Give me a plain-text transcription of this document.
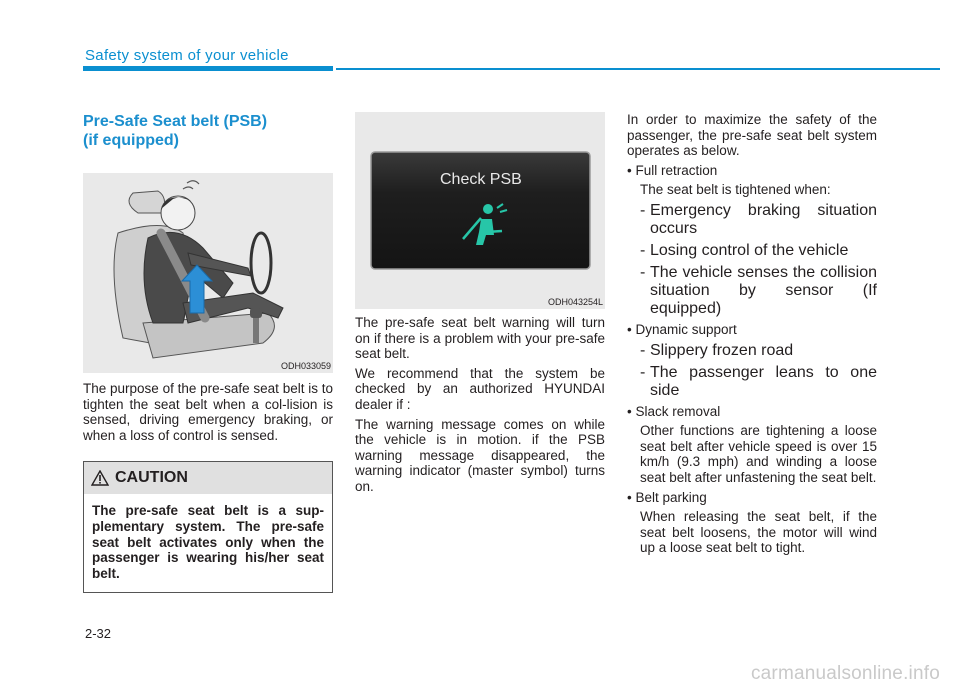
Safety system of your vehicle
Pre-Safe Seat belt (PSB)
(if equipped)
ODH033059

The purpose of the pre-safe seat belt is to tighten the seat belt when a col-lision is sensed, driving emergency braking, or when a loss of control is sensed.

CAUTION
The pre-safe seat belt is a sup-plementary system. The pre-safe seat belt activates only when the passenger is wearing his/her seat belt.
Check PSB
ODH043254L

The pre-safe seat belt warning will turn on if there is a problem with your pre-safe seat belt.

We recommend that the system be checked by an authorized HYUNDAI dealer if :

The warning message comes on while the vehicle is in motion. if the PSB warning message disappeared, the warning indicator (master symbol) turns on.

In order to maximize the safety of the passenger, the pre-safe seat belt system operates as below.

• Full retraction

The seat belt is tightened when:

- Emergency braking situation occurs
- Losing control of the vehicle
- The vehicle senses the collision situation by sensor (If equipped)

• Dynamic support

- Slippery frozen road
- The passenger leans to one side

• Slack removal

Other functions are tightening a loose seat belt after vehicle speed is over 15 km/h (9.3 mph) and winding a loose seat belt after unfastening the seat belt.

• Belt parking

When releasing the seat belt, if the seat belt loosens, the motor will wind up a loose seat belt to tight.

2-32
carmanualsonline.info
